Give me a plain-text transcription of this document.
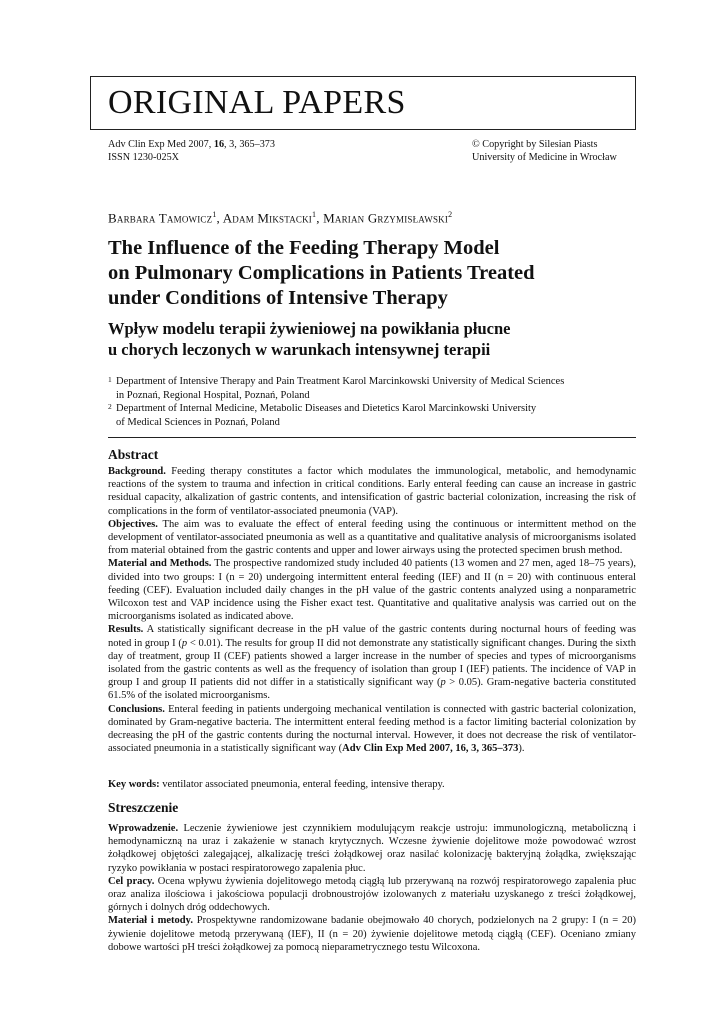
ORIGINAL PAPERS
Adv Clin Exp Med 2007, 16, 3, 365–373
ISSN 1230-025X
© Copyright by Silesian Piasts
University of Medicine in Wrocław
Barbara Tamowicz$^1$, Adam Mikstacki$^1$, Marian Grzymisławski$^2$
The Influence of the Feeding Therapy Model
on Pulmonary Complications in Patients Treated
under Conditions of Intensive Therapy
Wpływ modelu terapii żywieniowej na powikłania płucne
u chorych leczonych w warunkach intensywnej terapii
1 Department of Intensive Therapy and Pain Treatment Karol Marcinkowski University of Medical Sciences
in Poznań, Regional Hospital, Poznań, Poland
2 Department of Internal Medicine, Metabolic Diseases and Dietetics Karol Marcinkowski University
of Medical Sciences in Poznań, Poland
Abstract

Background. Feeding therapy constitutes a factor which modulates the immunological, metabolic, and hemodynamic reactions of the system to trauma and infection in critical conditions. Early enteral feeding can cause an increase in gastric residual capacity, alkalization of gastric contents, and intensification of gastric bacterial colonization, increasing the risk of complications in the form of ventilator-associated pneumonia (VAP).

Objectives. The aim was to evaluate the effect of enteral feeding using the continuous or intermittent method on the development of ventilator-associated pneumonia as well as a quantitative and qualitative analysis of microorganisms isolated from material obtained from the gastric contents and upper and lower airways using the protected specimen brush method.

Material and Methods. The prospective randomized study included 40 patients (13 women and 27 men, aged 18–75 years), divided into two groups: I (n = 20) undergoing intermittent enteral feeding (IEF) and II (n = 20) with continuous enteral feeding (CEF). Evaluation included daily changes in the pH value of the gastric contents analyzed using a nonparametric Wilcoxon test and VAP incidence using the Fisher exact test. Quantitative and qualitative analysis was carried out on the microorganisms isolated as indicated above.

Results. A statistically significant decrease in the pH value of the gastric contents during nocturnal hours of feeding was noted in group I (p < 0.01). The results for group II did not demonstrate any statistically significant changes. During the sixth day of treatment, group II (CEF) patients showed a larger increase in the number of species and types of microorganisms isolated from the gastric contents as well as the frequency of isolation than group I (IEF) patients. The incidence of VAP in group I and group II patients did not differ in a statistically significant way (p > 0.05). Gram-negative bacteria constituted 61.5% of the isolated microorganisms.

Conclusions. Enteral feeding in patients undergoing mechanical ventilation is connected with gastric bacterial colonization, dominated by Gram-negative bacteria. The intermittent enteral feeding method is a factor limiting bacterial colonization by decreasing the pH of the gastric contents during the nocturnal interval. However, it does not decrease the risk of ventilator-associated pneumonia in a statistically significant way (Adv Clin Exp Med 2007, 16, 3, 365–373).

Key words: ventilator associated pneumonia, enteral feeding, intensive therapy.
Streszczenie

Wprowadzenie. Leczenie żywieniowe jest czynnikiem modulującym reakcje ustroju: immunologiczną, metaboliczną i hemodynamiczną na uraz i zakażenie w stanach krytycznych. Wczesne żywienie dojelitowe może powodować wzrost żołądkowej objętości zalegającej, alkalizację treści żołądkowej oraz nasilać kolonizację bakteryjną żołądka, zwiększając ryzyko powikłania w postaci respiratorowego zapalenia płuc.

Cel pracy. Ocena wpływu żywienia dojelitowego metodą ciągłą lub przerywaną na rozwój respiratorowego zapalenia płuc oraz analiza ilościowa i jakościowa populacji drobnoustrojów izolowanych z materiału uzyskanego z treści żołądkowej, górnych i dolnych dróg oddechowych.

Materiał i metody. Prospektywne randomizowane badanie obejmowało 40 chorych, podzielonych na 2 grupy: I (n = 20) żywienie dojelitowe metodą przerywaną (IEF), II (n = 20) żywienie dojelitowe metodą ciągłą (CEF). Oceniano zmiany dobowe wartości pH treści żołądkowej za pomocą nieparametrycznego testu Wilcoxona.
